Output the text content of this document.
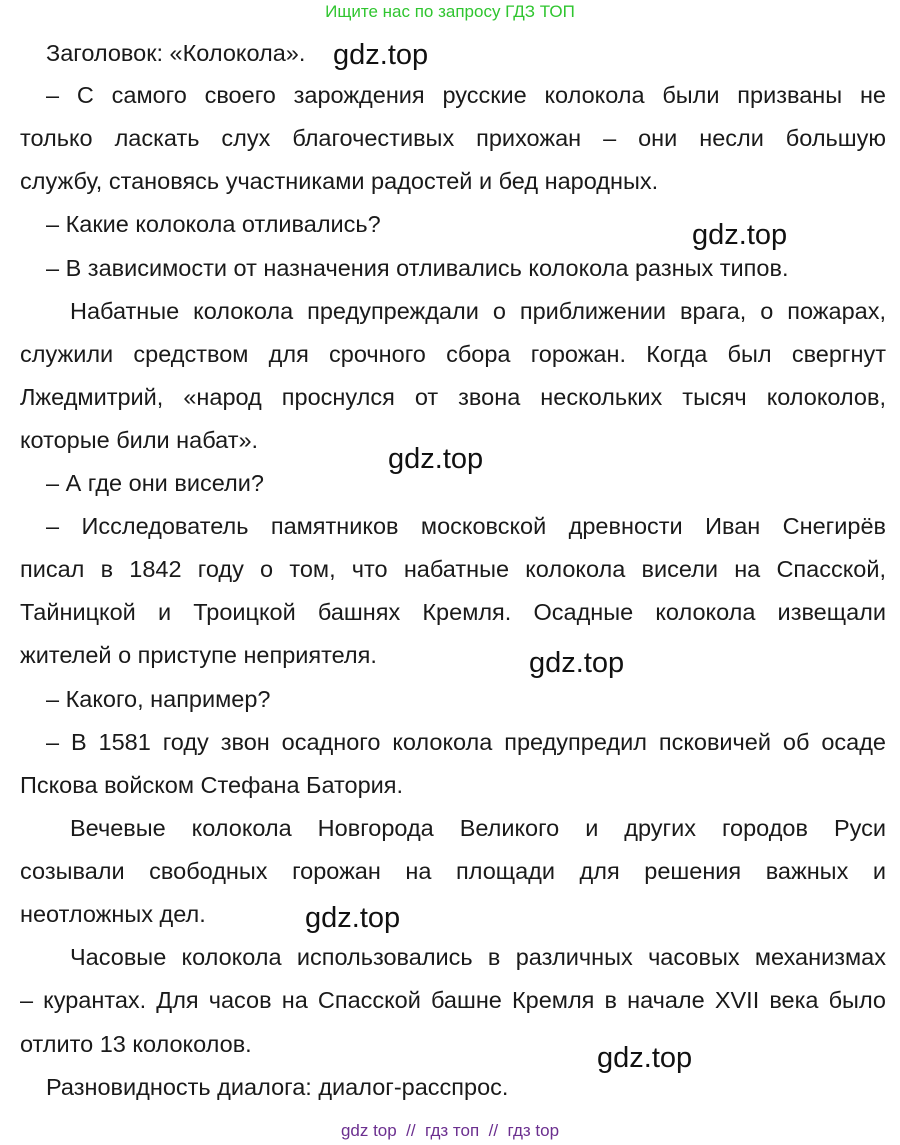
Ищите нас по запросу ГДЗ ТОП
Заголовок: «Колокола».
– С самого своего зарождения русские колокола были призваны не
только ласкать слух благочестивых прихожан – они несли большую
службу, становясь участниками радостей и бед народных.
– Какие колокола отливались?
– В зависимости от назначения отливались колокола разных типов.
Набатные колокола предупреждали о приближении врага, о пожарах,
служили средством для срочного сбора горожан. Когда был свергнут
Лжедмитрий, «народ проснулся от звона нескольких тысяч колоколов,
которые били набат».
– А где они висели?
– Исследователь памятников московской древности Иван Снегирёв
писал в 1842 году о том, что набатные колокола висели на Спасской,
Тайницкой и Троицкой башнях Кремля. Осадные колокола извещали
жителей о приступе неприятеля.
– Какого, например?
– В 1581 году звон осадного колокола предупредил псковичей об осаде
Пскова войском Стефана Батория.
Вечевые колокола Новгорода Великого и других городов Руси
созывали свободных горожан на площади для решения важных и
неотложных дел.
Часовые колокола использовались в различных часовых механизмах
– курантах. Для часов на Спасской башне Кремля в начале XVII века было
отлито 13 колоколов.
Разновидность диалога: диалог-расспрос.
gdz.top
gdz.top
gdz.top
gdz.top
gdz.top
gdz.top
gdz top  //  гдз топ  //  гдз top
